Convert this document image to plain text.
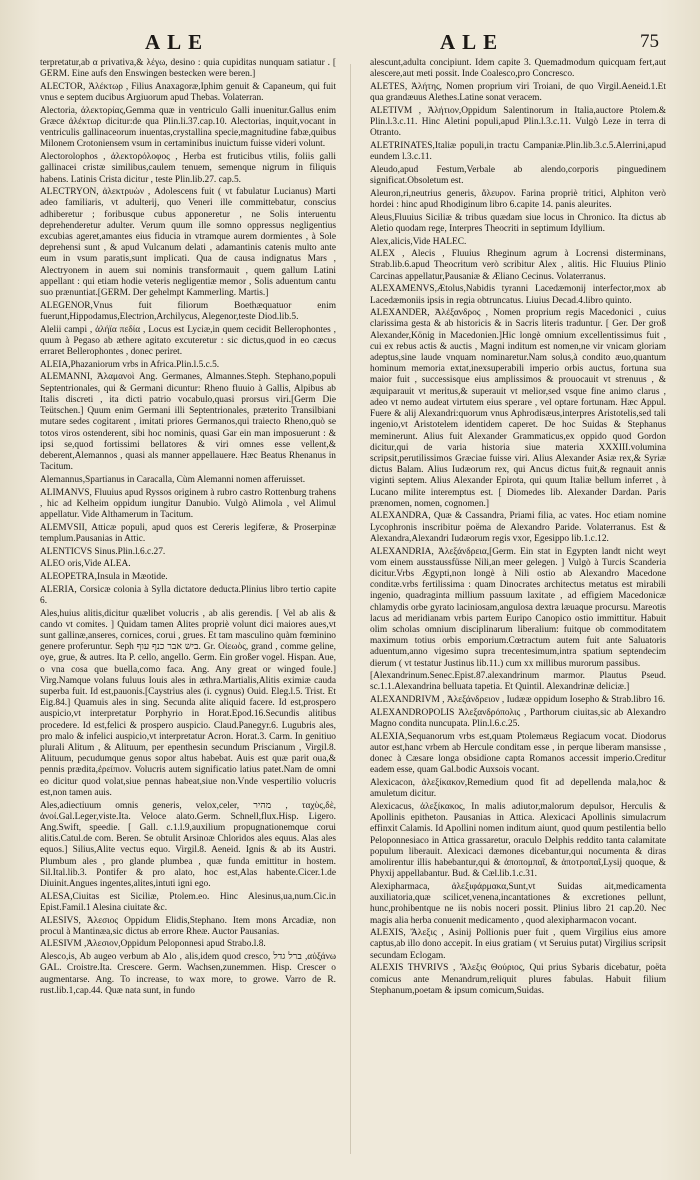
ALE	ALE	75

terpretatur,ab α privativa,& λέγω, desino : quia cupiditas nunquam satiatur . [ GERM. Eine aufs den Enswingen bestecken were beren.]

ALECTOR, Ἀλέκτωρ , Filius Anaxagoræ,Iphim genuit & Capaneum, qui fuit vnus e septem ducibus Argiuorum apud Thebas. Volaterran.

Alectoria, ἀλεκτορίας,Gemma quæ in ventriculo Galli inuenitur.Gallus enim Græce ἀλέκτωρ dicitur:de qua Plin.li.37.cap.10. Alectorias, inquit,vocant in ventriculis gallinaceorum inuentas,crystallina specie,magnitudine fabæ,quibus Milonem Crotoniensem vsum in certaminibus inuictum fuisse videri volunt.

Alectorolophos , ἀλεκτορόλοφος , Herba est fruticibus vtilis, foliis galli gallinacei cristæ similibus,caulem tenuem, semenque nigrum in filiquis habens. Latinis Crista dicitur , teste Plin.lib.27. cap.5.

ALECTRYON, ἀλεκτρυὼν , Adolescens fuit ( vt fabulatur Lucianus) Marti adeo familiaris, vt adulterij, quo Veneri ille committebatur, conscius adhiberetur ; foribusque cubus apponeretur , ne Solis interuentu deprehenderetur adulter. Verum quum ille somno oppressus negligentius excubias ageret,amantes eius fiducia in vtramque aurem dormientes , à Sole deprehensi sunt , & apud Vulcanum delati , adamantinis catenis multo ante eum in vsum paratis,sunt implicati. Qua de causa indignatus Mars , Alectryonem in auem sui nominis transformauit , quem gallum Latini appellant : qui etiam hodie veteris negligentiæ memor , Solis aduentum cantu suo prænuntiat.[GERM. Der gehelmpt Kammerling. Martis.]

ALEGENOR,Vnus fuit filiorum Boethæquatuor enim fuerunt,Hippodamus,Electrion,Archilycus, Alegenor,teste Diod.lib.5.

Alelii campi , ἀλήϊα πεδία , Locus est Lyciæ,in quem cecidit Bellerophontes , quum à Pegaso ab æthere agitato excuteretur : sic dictus,quod in eo cæcus erraret Bellerophontes , donec periret.

ALEIA,Phazaniorum vrbs in Africa.Plin.l.5.c.5.

ALEMANNI, Ἀλαμανοὶ Ang. Germanes, Almannes.Steph. Stephano,populi Septentrionales, qui & Germani dicuntur: Rheno fluuio à Gallis, Alpibus ab Italis discreti , ita dicti patrio vocabulo,quasi prorsus viri.[Germ Die Teütschen.] Quum enim Germani illi Septentrionales, præterito Transilbiani mutare sedes cogitarent , imitati priores Germanos,qui traiecto Rheno,quò se totos viros ostenderent, sibi hoc nominis, quasi Gar ein man imposuerunt : & ipsi se,quod fortissimi bellatores & viri omnes esse vellent,& deberent,Alemannos , quasi als manner appellauere. Hæc Beatus Rhenanus in Tacitum.

Alemannus,Spartianus in Caracalla, Cùm Alemanni nomen afferuisset.

ALIMANVS, Fluuius apud Ryssos originem à rubro castro Rottenburg trahens , hic ad Kelheim oppidum iungitur Danubio. Vulgò Alimola , vel Alimul appellatur. Vide Althamerum in Tacitum.

ALEMVSII, Atticæ populi, apud quos est Cereris legiferæ, & Proserpinæ templum.Pausanias in Attic.

ALENTICVS Sinus.Plin.l.6.c.27.

ALEO oris,Vide ALEA.

ALEOPETRA,Insula in Mæotide.

ALERIA, Corsicæ colonia à Sylla dictatore deducta.Plinius libro tertio capite 6.

Ales,huius alitis,dicitur quælibet volucris , ab alis gerendis. [ Vel ab alis & cando vt comites. ] Quidam tamen Alites propriè volunt dici maiores aues,vt sunt gallinæ,anseres, cornices, corui , grues. Et tam masculino quàm fœminino genere proferuntur. Seph ביש אבר כנף עוף. Gr. Οἰεωὸς, grand , comme geline, oye, grue, & autres. Ita P. cello, angello. Germ. Ein großer vogel. Hispan. Aue, o vna cosa que buella,como faca. Ang. Any great or winged foule.] Virg.Namque volans fuluus Iouis ales in æthra.Martialis,Alitis eximiæ cauda superba fuit. Id est,pauonis.[Caystrius ales (i. cygnus) Ouid. Eleg.l.5. Trist. Et Eig.84.] Quamuis ales in sing. Secunda alite aliquid facere. Id est,prospero auspicio,vt interpretatur Porphyrio in Horat.Epod.16.Secundis alitibus procedere. Id est,felici & prospero auspicio. Claud.Panegyr.6. Lugubris ales, pro malo & infelici auspicio,vt interpretatur Acron. Horat.3. Carm. In genitiuo plurali Alitum , & Alituum, per epenthesin secundum Priscianum , Virgil.8. Alituum, pecudumque genus sopor altus habebat. Auis est quæ parit oua,& pennis prædita,ἐρείπιον. Volucris autem significatio latius patet.Nam de omni eo dicitur quod volat,siue pennas habeat,siue non.Vnde vespertilio volucris est,non tamen auis.

Ales,adiectiuum omnis generis, velox,celer, מהיר , ταχὺς,δὲ, ἀνοί.Gal.Leger,viste.Ita. Veloce alato.Germ. Schnell,flux.Hisp. Ligero. Ang.Swift, speedie. [ Gall. c.1.l.9,auxilium propugnationemque corui alitis.Catul.de com. Beren. Se obtulit Arsinoæ Chloridos ales equus. Alas ales equos.] Silius,Alite vectus equo. Virgil.8. Aeneid. Ignis & ab its Austri. Plumbum ales , pro glande plumbea , quæ funda emittitur in hostem. Sil.Ital.lib.3. Pontifer & pro alato, hoc est,Alas habente.Cicer.1.de Diuinit.Angues ingentes,alites,intuti igni ego.

ALESA,Ciuitas est Siciliæ, Ptolem.eo. Hinc Alesinus,ua,num.Cic.in Epist.Famil.1 Alesina ciuitate &c.

ALESIVS, Ἀλεσιος Oppidum Elidis,Stephano. Item mons Arcadiæ, non procul à Mantinæa,sic dictus ab errore Rheæ. Auctor Pausanias.

ALESIVM ,Ἀλεσιον,Oppidum Peloponnesi apud Strabo.l.8.

Alesco,is, Ab augeo verbum ab Alo , alis,idem quod cresco, ברל גדל ,αὐξάνω GAL. Croistre.Ita. Crescere. Germ. Wachsen,zunemmen. Hisp. Crescer o augmentarse. Ang. To increase, to wax more, to growe. Varro de R. rust.lib.1,cap.44. Quæ nata sunt, in fundo

alescunt,adulta concipiunt. Idem capite 3. Quemadmodum quicquam fert,aut alescere,aut meti possit. Inde Coalesco,pro Concresco.

ALETES, Ἀλήτης, Nomen proprium viri Troiani, de quo Virgil.Aeneid.1.Et qua grandæuus Alethes.Latine sonat veracem.

ALETIVM , Ἀλήτιον,Oppidum Salentinorum in Italia,auctore Ptolem.& Plin.l.3.c.11. Hinc Aletini populi,apud Plin.l.3.c.11. Vulgò Leze in terra di Otranto.

ALETRINATES,Italiæ populi,in tractu Campaniæ.Plin.lib.3.c.5.Alerrini,apud eundem l.3.c.11.

Aleudo,apud Festum,Verbale ab alendo,corporis pinguedinem significat.Obsoletum est.

Aleuron,ri,neutrius generis, ἄλευρον. Farina propriè tritici, Alphiton verò hordei : hinc apud Rhodiginum libro 6.capite 14. panis aleurites.

Aleus,Fluuius Siciliæ & tribus quædam siue locus in Chronico. Ita dictus ab Aletio quodam rege, Interpres Theocriti in septimum Idyllium.

Alex,alicis,Vide HALEC.

ALEX , Alecis , Fluuius Rheginum agrum à Locrensi disterminans, Strab.lib.6.apud Theocritum verò scribitur Alex , alitis. Hic Fluuius Plinio Carcinas appellatur,Pausaniæ & Æliano Cecinus. Volaterranus.

ALEXAMENVS,Ætolus,Nabidis tyranni Lacedæmonij interfector,mox ab Lacedæmoniis ipsis in regia obtruncatus. Liuius Decad.4.libro quinto.

ALEXANDER, Ἀλέξανδρος , Nomen proprium regis Macedonici , cuius clarissima gesta & ab historicis & in Sacris literis traduntur. [ Ger. Der groß Alexander,König in Macedonien.]Hic longè omnium excellentissimus fuit , cui ex rebus actis & auctis , Magni inditum est nomen,ne vir vnicam gloriam adeptus,sine laude vnquam nominaretur.Nam solus,à condito æuo,quantum hominum memoria extat,inexsuperabili imperio orbis auctus, fortuna sua maior fuit , successisque eius amplissimos & prouocauit vt strenuus , & æquiparauit vt meritus,& superauit vt melior,sed vsque fine animo clarus , adeo vt nemo audeat virtutem eius sperare , vel optare fortunam. Hæc Appul. Fuere & alij Alexandri:quorum vnus Aphrodisæus,interpres Aristotelis,sed tali ingenio,vt Aristotelem identidem caperet. De hoc Suidas & Stephanus meminerunt. Alius fuit Alexander Grammaticus,ex oppido quod Gordon dicitur,qui de varia historia siue materia XXXIII.volumina scripsit,perutilissimos Græciae fuisse viri. Alius Alexander Asiæ rex,& Syriæ dictus Balam. Alius Iudæorum rex, qui Ancus dictus fuit,& regnauit annis viginti septem. Alius Alexander Epirota, qui quum Italiæ bellum inferret , à Lucano milite interemptus est. [ Diomedes lib. Alexander Dardan. Paris prænomen, nomen, cognomen.]

ALEXANDRA, Quæ & Cassandra, Priami filia, ac vates. Hoc etiam nomine Lycophronis inscribitur poëma de Alexandro Paride. Volaterranus. Est & Alexandra,Alexandri Iudæorum regis vxor, Egesippo lib.1.c.12.

ALEXANDRIA, Ἀλεξάνδρεια,[Germ. Ein stat in Egypten landt nicht weyt vom einem ausstaussfüsse Nili,an meer gelegen. ] Vulgò à Turcis Scanderia dicitur.Vrbs Ægypti,non longè à Nili ostio ab Alexandro Macedone conditæ.vrbs fertilissima : quam Dinocrates architectus metatus est mirabili ingenio, quadraginta millium passuum laxitate , ad effigiem Macedonicæ chlamydis orbe gyrato laciniosam,angulosa dextra læuaque procursu. Mareotis lacus ad meridianam vrbis partem Euripo Canopico ostio immittitur. Habuit olim scholas omnium disciplinarum liberalium: fuitque ob commoditatem maximum totius orbis emporium.Cœtractum autem fuit ante Saluatoris aduentum,anno vigesimo supra trecentesimum,intra spatium septendecim dierum ( vt testatur Justinus lib.11.) cum xx millibus murorum passibus.

[Alexandrinum.Senec.Epist.87.alexandrinum marmor. Plautus Pseud. sc.1.1.Alexandrina belluata tapetia. Et Quintil. Alexandrinæ deliciæ.]

ALEXANDRIVM , Ἀλεξάνδρειον , Iudææ oppidum Iosepho & Strab.libro 16.

ALEXANDROPOLIS Ἀλεξανδρόπολις , Parthorum ciuitas,sic ab Alexandro Magno condita nuncupata. Plin.l.6.c.25.

ALEXIA,Sequanorum vrbs est,quam Ptolemæus Regiacum vocat. Diodorus autor est,hanc vrbem ab Hercule conditam esse , in perque liberam mansisse , donec à Cæsare longa obsidione capta Romanos accessit imperio.Creditur eadem esse, quam Gal.bodic Auxsois vocant.

Alexicacon, ἀλεξίκακον,Remedium quod fit ad depellenda mala,hoc & amuletum dicitur.

Alexicacus, ἀλεξίκακος, In malis adiutor,malorum depulsor, Herculis & Apollinis epitheton. Pausanias in Attica. Alexicaci Apollinis simulacrum effinxit Calamis. Id Apollini nomen inditum aiunt, quod quum pestilentia bello Peloponnesiaco in Attica grassaretur, oraculo Delphis reddito tanta calamitate populum liberauit. Alexicaci dæmones dicebantur,qui nocumenta & diras amolirentur illis habebantur,qui & ἀποπομπαῖ, & ἀποτροπαῖ,Lysij quoque, & Phyxij appellabantur. Bud. & Cæl.lib.1.c.31.

Alexipharmaca, ἀλεξιφάρμακα,Sunt,vt Suidas ait,medicamenta auxiliatoria,quæ scilicet,venena,incantationes & excretiones pellunt, hunc,prohibentque ne iis nobis noceri possit. Plinius libro 21 cap.20. Nec magis alia herba conuenit medicamento , quod alexipharmacon vocant.

ALEXIS, Ἄλεξις , Asinij Pollionis puer fuit , quem Virgilius eius amore captus,ab illo dono accepit. In eius gratiam ( vt Seruius putat) Virgilius scripsit secundam Eclogam.

ALEXIS THVRIVS , Ἄλεξις Θούριος, Qui prius Sybaris dicebatur, poëta comicus ante Menandrum,reliquit plures fabulas. Habuit filium Stephanum,poetam & ipsum comicum,Suidas.
